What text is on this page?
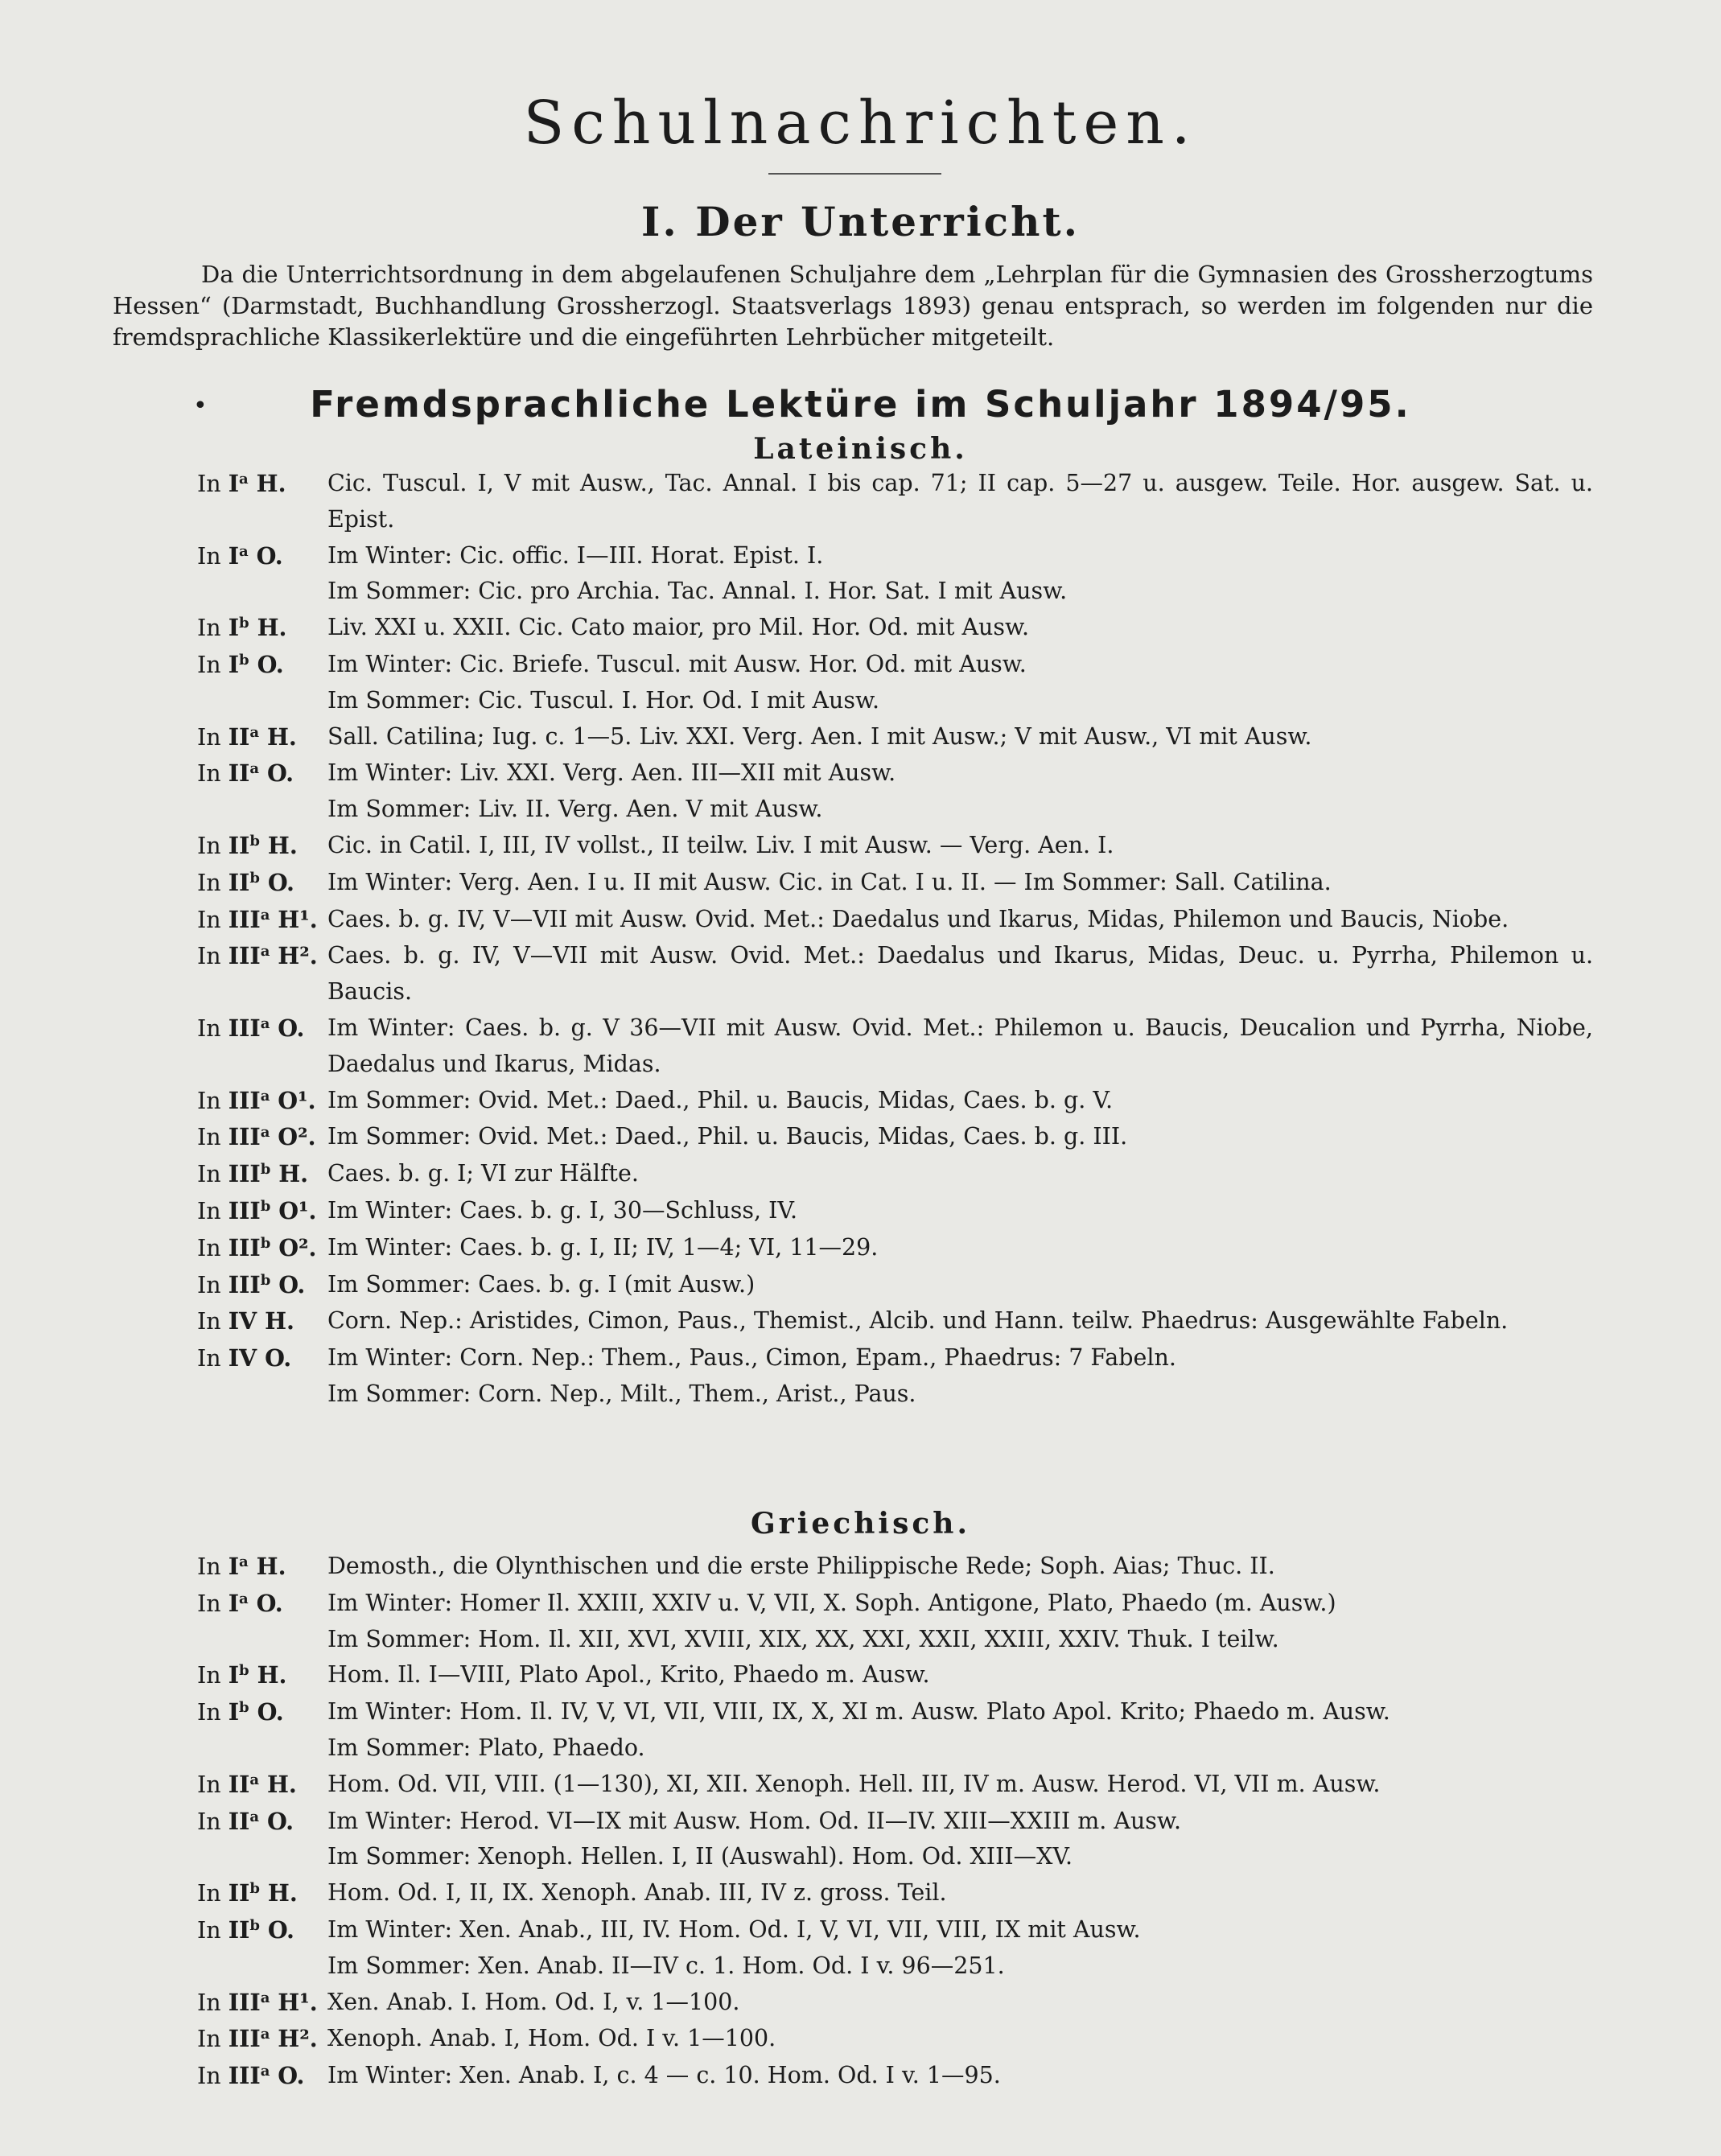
Schulnachrichten.
I. Der Unterricht.

Da die Unterrichtsordnung in dem abgelaufenen Schuljahre dem „Lehrplan für die Gymnasien des Grossherzogtums Hessen“ (Darmstadt, Buchhandlung Grossherzogl. Staatsverlags 1893) genau entsprach, so werden im folgenden nur die fremdsprachliche Klassikerlektüre und die eingeführten Lehrbücher mitgeteilt.

•	Fremdsprachliche Lektüre im Schuljahr 1894/95.
Lateinisch.
In $I^a$ H.	Cic. Tuscul. I, V mit Ausw., Tac. Annal. I bis cap. 71; II cap. 5—27 u. ausgew. Teile. Hor. ausgew. Sat. u. Epist.
In $I^a$ O.	Im Winter: Cic. offic. I—III. Horat. Epist. I.
Im Sommer: Cic. pro Archia. Tac. Annal. I. Hor. Sat. I mit Ausw.
In $I^b$ H.	Liv. XXI u. XXII. Cic. Cato maior, pro Mil. Hor. Od. mit Ausw.
In $I^b$ O.	Im Winter: Cic. Briefe. Tuscul. mit Ausw. Hor. Od. mit Ausw.
Im Sommer: Cic. Tuscul. I. Hor. Od. I mit Ausw.
In $II^a$ H.	Sall. Catilina; Iug. c. 1—5. Liv. XXI. Verg. Aen. I mit Ausw.; V mit Ausw., VI mit Ausw.
In $II^a$ O.	Im Winter: Liv. XXI. Verg. Aen. III—XII mit Ausw.
Im Sommer: Liv. II. Verg. Aen. V mit Ausw.
In $II^b$ H.	Cic. in Catil. I, III, IV vollst., II teilw. Liv. I mit Ausw. — Verg. Aen. I.
In $II^b$ O.	Im Winter: Verg. Aen. I u. II mit Ausw. Cic. in Cat. I u. II. — Im Sommer: Sall. Catilina.
In III$^a$ H¹. Caes. b. g. IV, V—VII mit Ausw. Ovid. Met.: Daedalus und Ikarus, Midas, Philemon und Baucis, Niobe.
In III$^a$ H². Caes. b. g. IV, V—VII mit Ausw. Ovid. Met.: Daedalus und Ikarus, Midas, Deuc. u. Pyrrha, Philemon u. Baucis.
In III$^a$ O.	Im Winter: Caes. b. g. V 36—VII mit Ausw. Ovid. Met.: Philemon u. Baucis, Deucalion und Pyrrha, Niobe, Daedalus und Ikarus, Midas.
In III$^a$ O¹. Im Sommer: Ovid. Met.: Daed., Phil. u. Baucis, Midas, Caes. b. g. V.
In III$^a$ O². Im Sommer: Ovid. Met.: Daed., Phil. u. Baucis, Midas, Caes. b. g. III.
In III$^b$ H. Caes. b. g. I; VI zur Hälfte.
In III$^b$ O¹. Im Winter: Caes. b. g. I, 30—Schluss, IV.
In III$^b$ O². Im Winter: Caes. b. g. I, II; IV, 1—4; VI, 11—29.
In III$^b$ O. Im Sommer: Caes. b. g. I (mit Ausw.)
In IV H.	Corn. Nep.: Aristides, Cimon, Paus., Themist., Alcib. und Hann. teilw. Phaedrus: Ausgewählte Fabeln.
In IV O.	Im Winter: Corn. Nep.: Them., Paus., Cimon, Epam., Phaedrus: 7 Fabeln.
Im Sommer: Corn. Nep., Milt., Them., Arist., Paus.
Griechisch.
In $I^a$ H.	Demosth., die Olynthischen und die erste Philippische Rede; Soph. Aias; Thuc. II.
In $I^a$ O.	Im Winter: Homer Il. XXIII, XXIV u. V, VII, X. Soph. Antigone, Plato, Phaedo (m. Ausw.)
Im Sommer: Hom. Il. XII, XVI, XVIII, XIX, XX, XXI, XXII, XXIII, XXIV. Thuk. I teilw.
In $I^b$ H.	Hom. Il. I—VIII, Plato Apol., Krito, Phaedo m. Ausw.
In $I^b$ O.	Im Winter: Hom. Il. IV, V, VI, VII, VIII, IX, X, XI m. Ausw. Plato Apol. Krito; Phaedo m. Ausw.
Im Sommer: Plato, Phaedo.
In $II^a$ H.	Hom. Od. VII, VIII. (1—130), XI, XII. Xenoph. Hell. III, IV m. Ausw. Herod. VI, VII m. Ausw.
In $II^a$ O.	Im Winter: Herod. VI—IX mit Ausw. Hom. Od. II—IV. XIII—XXIII m. Ausw.
Im Sommer: Xenoph. Hellen. I, II (Auswahl). Hom. Od. XIII—XV.
In $II^b$ H.	Hom. Od. I, II, IX. Xenoph. Anab. III, IV z. gross. Teil.
In $II^b$ O.	Im Winter: Xen. Anab., III, IV. Hom. Od. I, V, VI, VII, VIII, IX mit Ausw.
Im Sommer: Xen. Anab. II—IV c. 1. Hom. Od. I v. 96—251.
In III$^a$ H¹. Xen. Anab. I. Hom. Od. I, v. 1—100.
In III$^a$ H². Xenoph. Anab. I, Hom. Od. I v. 1—100.
In III$^a$ O.	Im Winter: Xen. Anab. I, c. 4 — c. 10. Hom. Od. I v. 1—95.
